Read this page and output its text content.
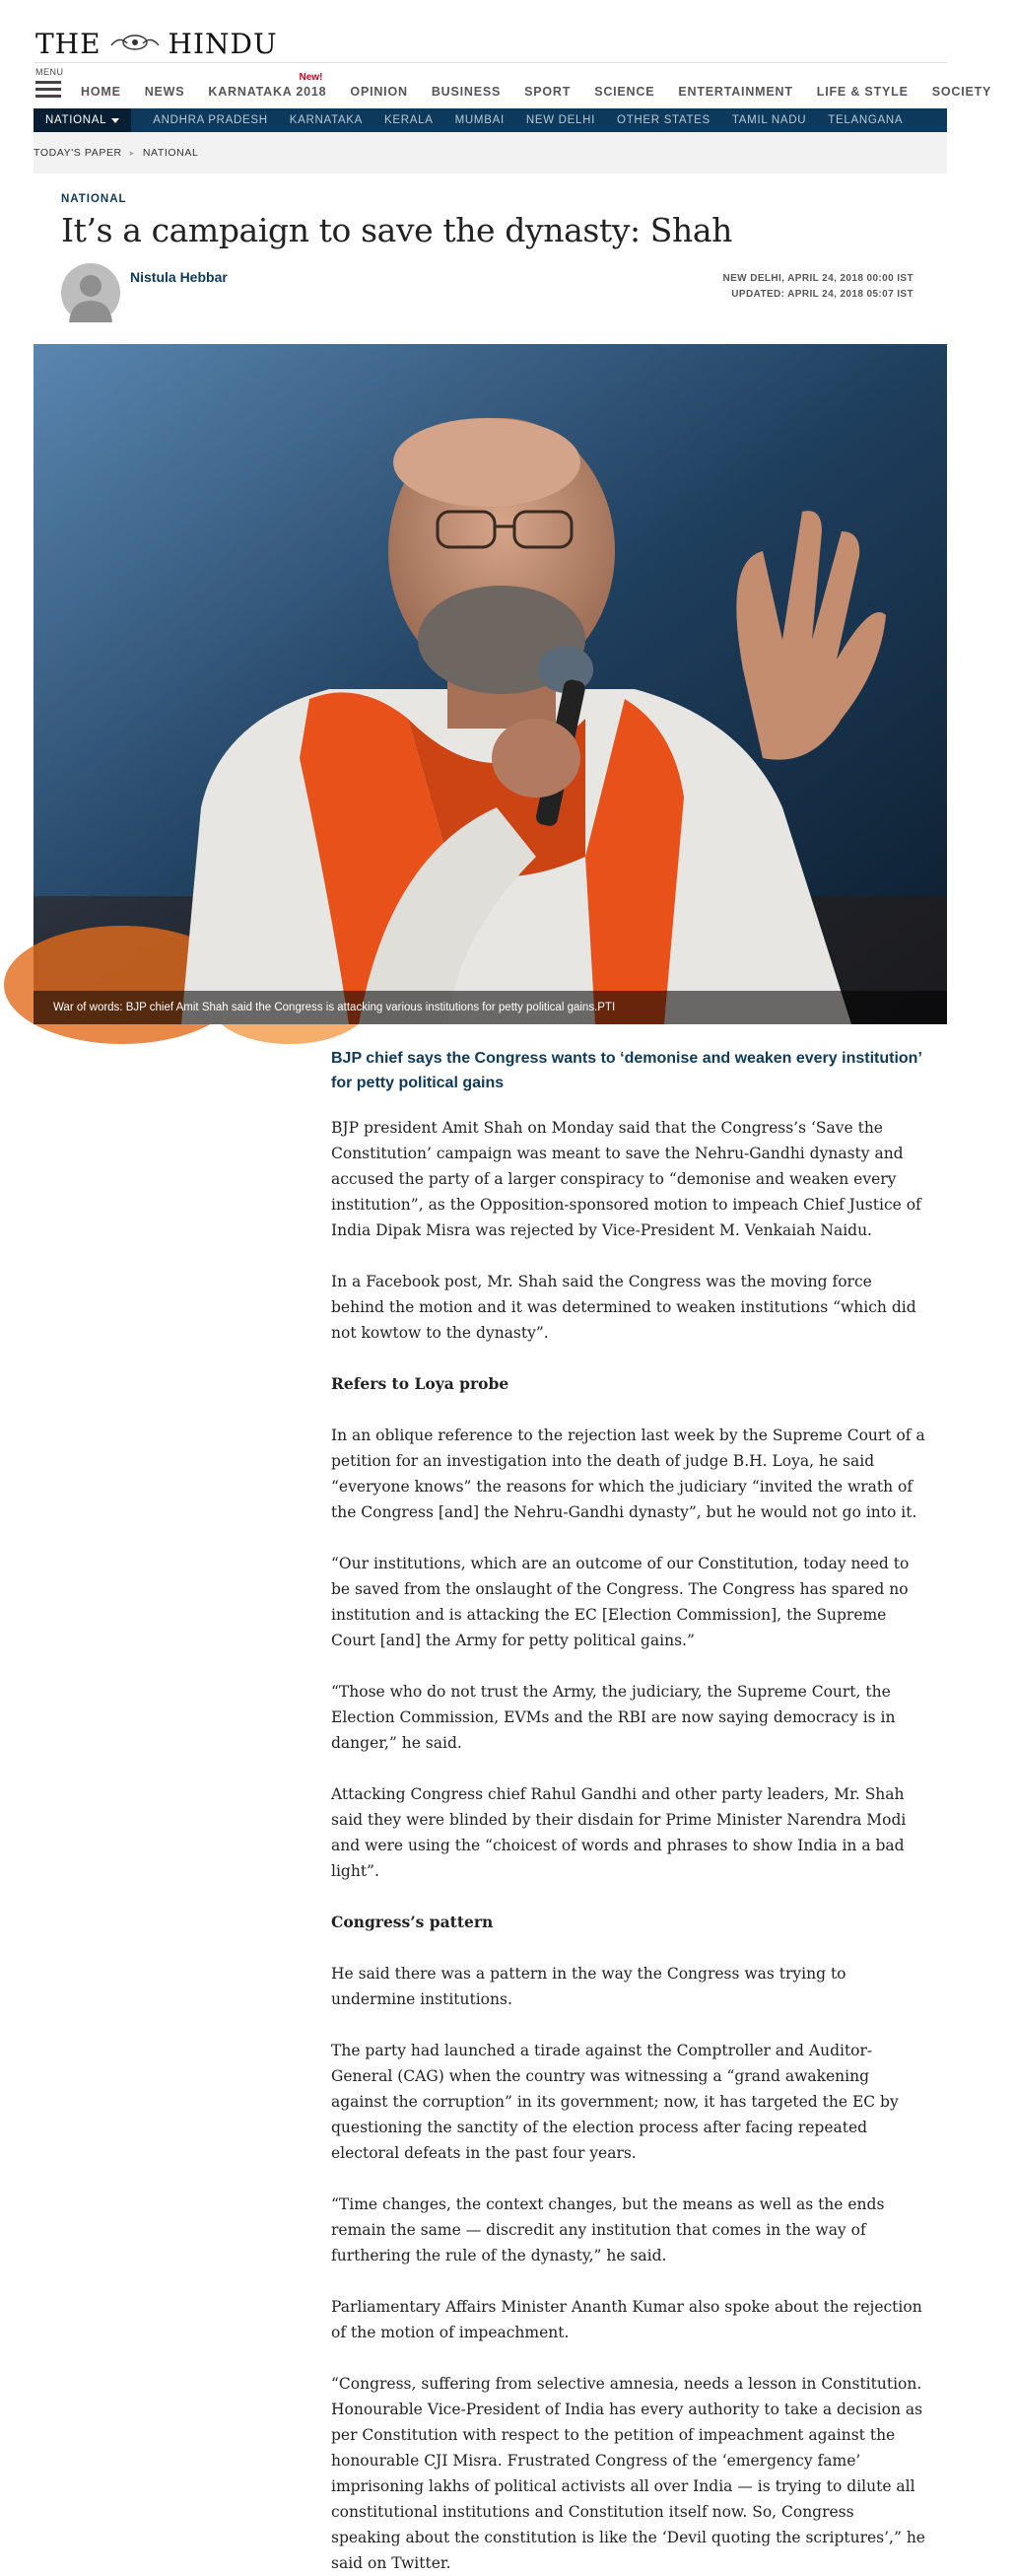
THE HINDU
MENU
HOME NEWS KARNATAKA 2018
New!
OPINION BUSINESS SPORT SCIENCE ENTERTAINMENT LIFE & STYLE SOCIETY
NATIONAL	ANDHRA PRADESH KARNATAKA KERALA MUMBAI NEW DELHI OTHER STATES TAMIL NADU TELANGANA
TODAY'S PAPER ▸ NATIONAL
NATIONAL
It’s a campaign to save the dynasty: Shah
Nistula Hebbar	NEW DELHI, APRIL 24, 2018 00:00 IST
UPDATED: APRIL 24, 2018 05:07 IST
War of words: BJP chief Amit Shah said the Congress is attacking various institutions for petty political gains.PTI
BJP chief says the Congress wants to ‘demonise and weaken every institution’ for petty political gains

BJP president Amit Shah on Monday said that the Congress’s ‘Save the Constitution’ campaign was meant to save the Nehru-Gandhi dynasty and accused the party of a larger conspiracy to “demonise and weaken every institution”, as the Opposition-sponsored motion to impeach Chief Justice of India Dipak Misra was rejected by Vice-President M. Venkaiah Naidu.

In a Facebook post, Mr. Shah said the Congress was the moving force behind the motion and it was determined to weaken institutions “which did not kowtow to the dynasty”.

Refers to Loya probe

In an oblique reference to the rejection last week by the Supreme Court of a petition for an investigation into the death of judge B.H. Loya, he said “everyone knows” the reasons for which the judiciary “invited the wrath of the Congress [and] the Nehru-Gandhi dynasty”, but he would not go into it.

“Our institutions, which are an outcome of our Constitution, today need to be saved from the onslaught of the Congress. The Congress has spared no institution and is attacking the EC [Election Commission], the Supreme Court [and] the Army for petty political gains.”

“Those who do not trust the Army, the judiciary, the Supreme Court, the Election Commission, EVMs and the RBI are now saying democracy is in danger,” he said.

Attacking Congress chief Rahul Gandhi and other party leaders, Mr. Shah said they were blinded by their disdain for Prime Minister Narendra Modi and were using the “choicest of words and phrases to show India in a bad light”.

Congress’s pattern

He said there was a pattern in the way the Congress was trying to undermine institutions.

The party had launched a tirade against the Comptroller and Auditor-General (CAG) when the country was witnessing a “grand awakening against the corruption” in its government; now, it has targeted the EC by questioning the sanctity of the election process after facing repeated electoral defeats in the past four years.

“Time changes, the context changes, but the means as well as the ends remain the same — discredit any institution that comes in the way of furthering the rule of the dynasty,” he said.

Parliamentary Affairs Minister Ananth Kumar also spoke about the rejection of the motion of impeachment.

“Congress, suffering from selective amnesia, needs a lesson in Constitution. Honourable Vice-President of India has every authority to take a decision as per Constitution with respect to the petition of impeachment against the honourable CJI Misra. Frustrated Congress of the ‘emergency fame’ imprisoning lakhs of political activists all over India — is trying to dilute all constitutional institutions and Constitution itself now. So, Congress speaking about the constitution is like the ‘Devil quoting the scriptures’,” he said on Twitter.
